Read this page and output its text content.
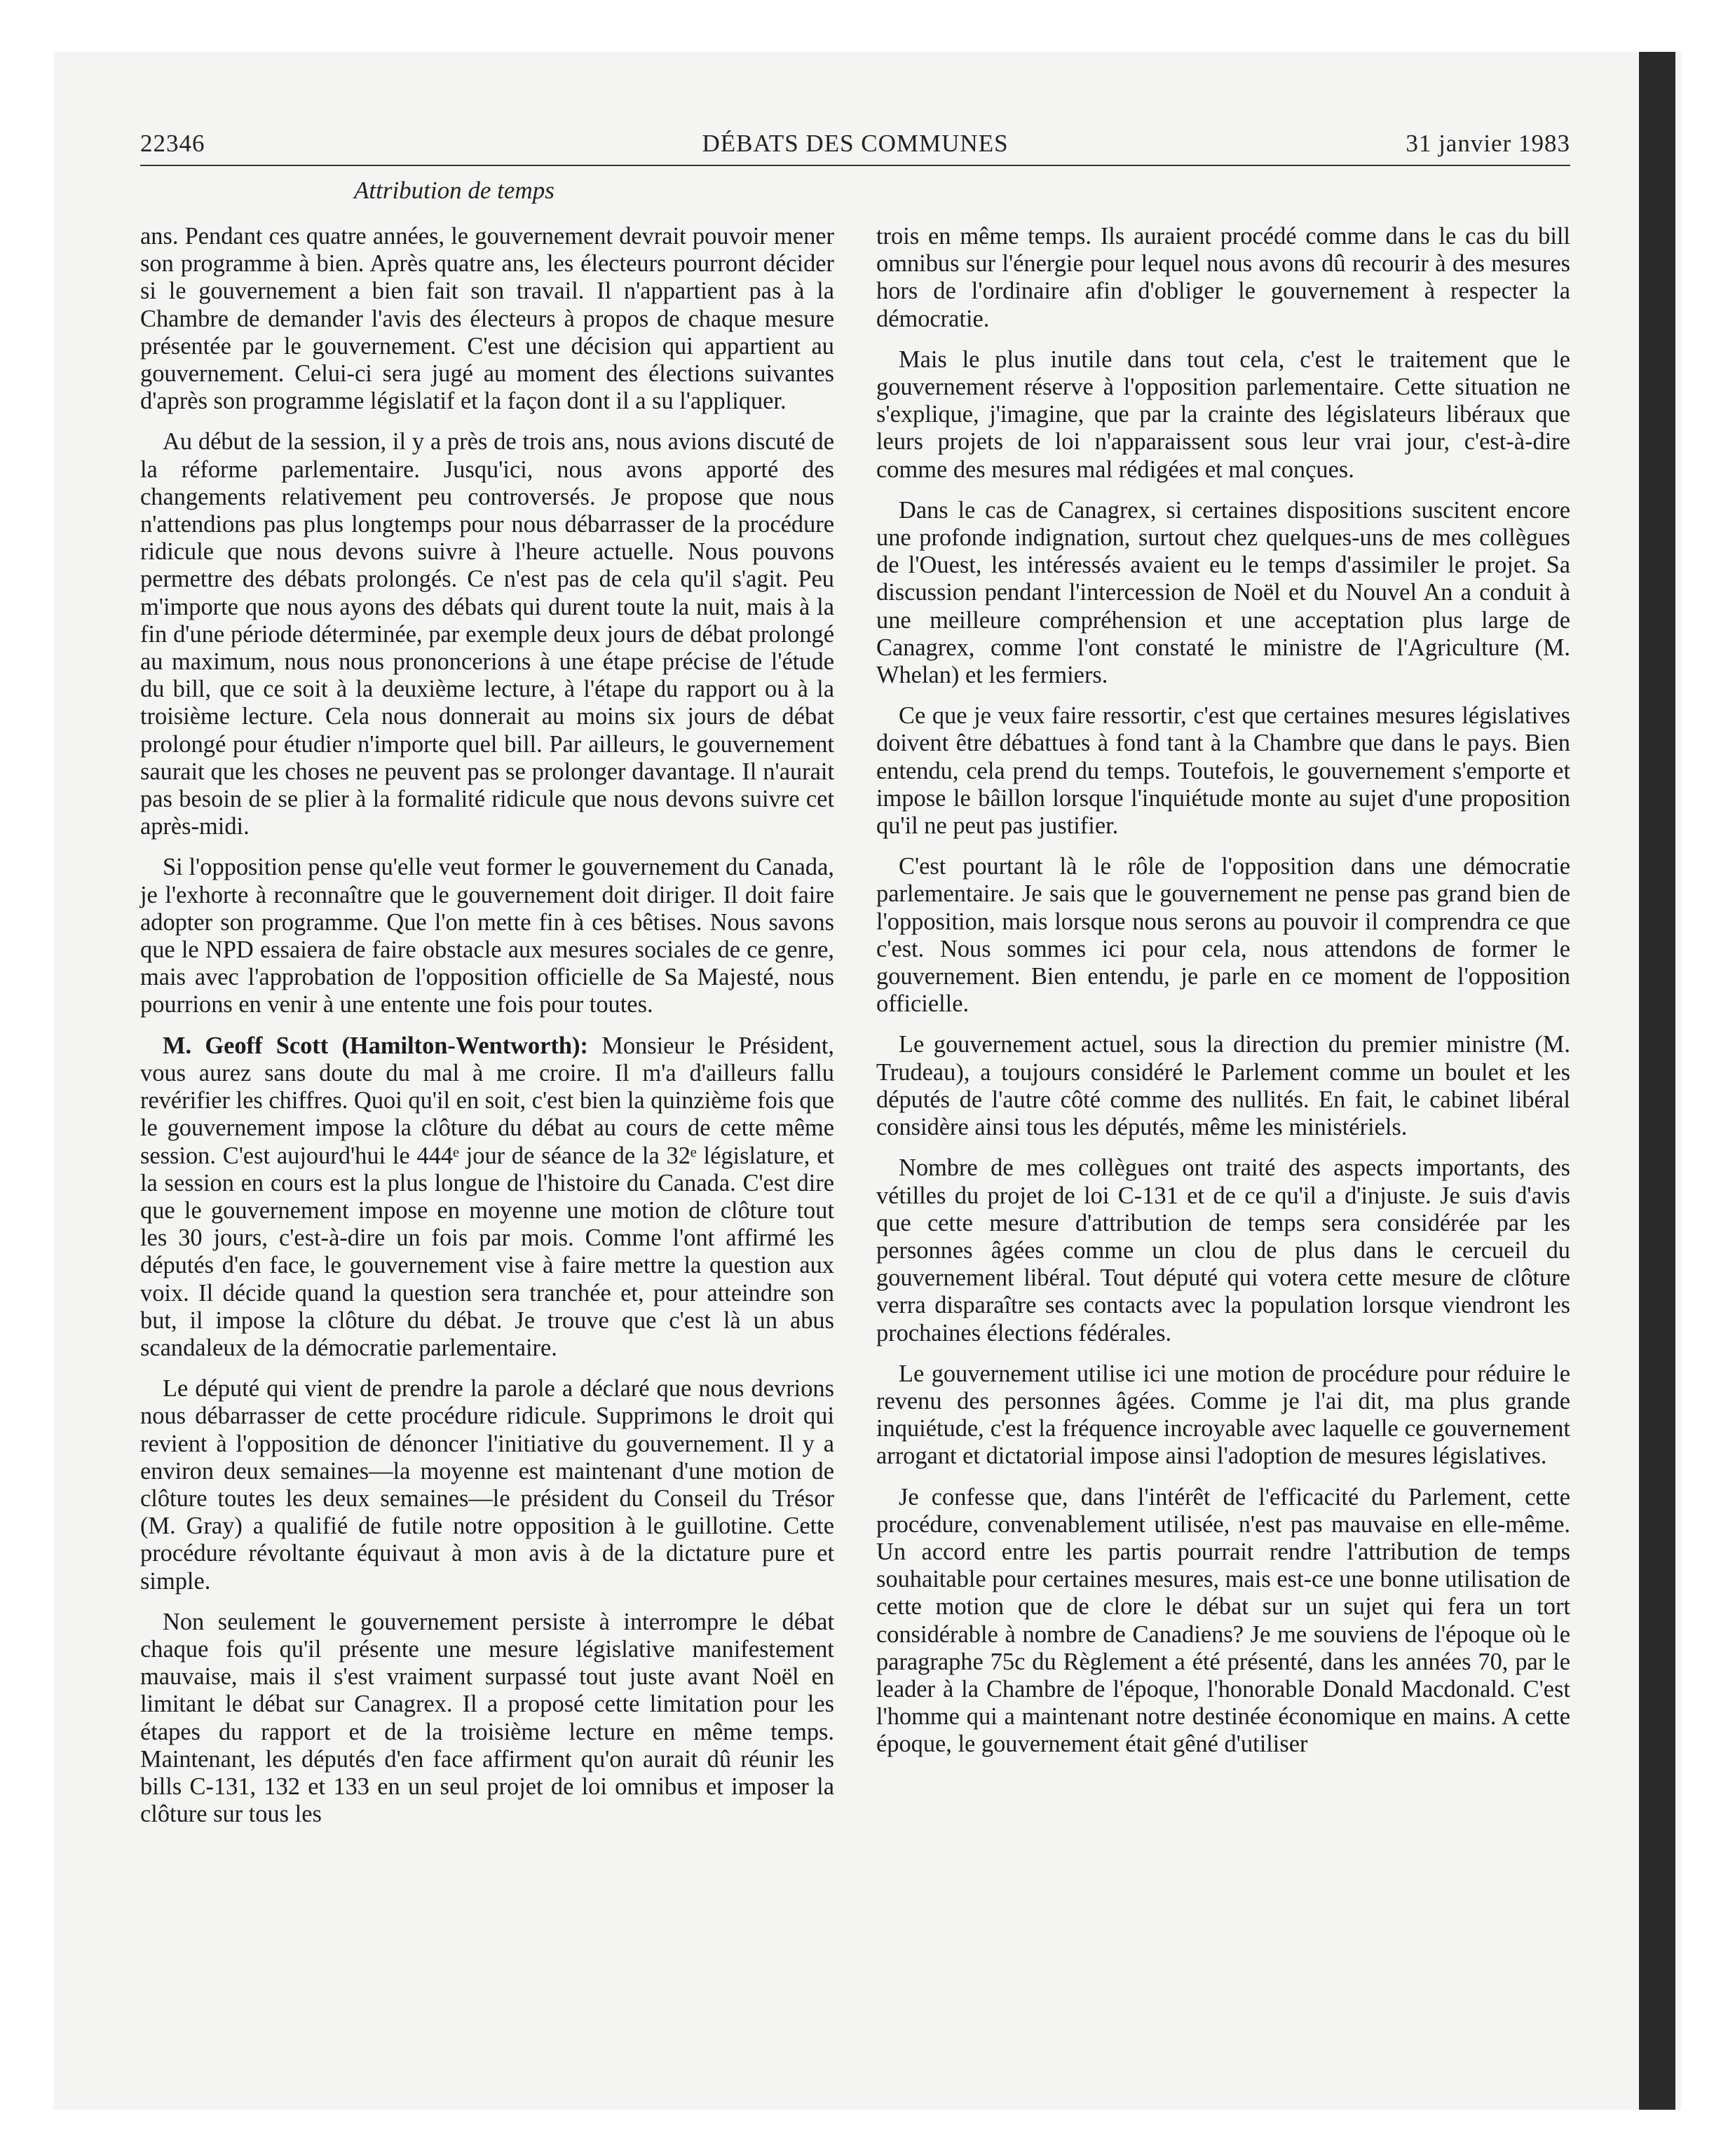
22346	DÉBATS DES COMMUNES	31 janvier 1983
Attribution de temps

ans. Pendant ces quatre années, le gouvernement devrait pouvoir mener son programme à bien. Après quatre ans, les électeurs pourront décider si le gouvernement a bien fait son travail. Il n'appartient pas à la Chambre de demander l'avis des électeurs à propos de chaque mesure présentée par le gouvernement. C'est une décision qui appartient au gouvernement. Celui-ci sera jugé au moment des élections suivantes d'après son programme législatif et la façon dont il a su l'appliquer.

Au début de la session, il y a près de trois ans, nous avions discuté de la réforme parlementaire. Jusqu'ici, nous avons apporté des changements relativement peu controversés. Je propose que nous n'attendions pas plus longtemps pour nous débarrasser de la procédure ridicule que nous devons suivre à l'heure actuelle. Nous pouvons permettre des débats prolongés. Ce n'est pas de cela qu'il s'agit. Peu m'importe que nous ayons des débats qui durent toute la nuit, mais à la fin d'une période déterminée, par exemple deux jours de débat prolongé au maximum, nous nous prononcerions à une étape précise de l'étude du bill, que ce soit à la deuxième lecture, à l'étape du rapport ou à la troisième lecture. Cela nous donnerait au moins six jours de débat prolongé pour étudier n'importe quel bill. Par ailleurs, le gouvernement saurait que les choses ne peuvent pas se prolonger davantage. Il n'aurait pas besoin de se plier à la formalité ridicule que nous devons suivre cet après-midi.

Si l'opposition pense qu'elle veut former le gouvernement du Canada, je l'exhorte à reconnaître que le gouvernement doit diriger. Il doit faire adopter son programme. Que l'on mette fin à ces bêtises. Nous savons que le NPD essaiera de faire obstacle aux mesures sociales de ce genre, mais avec l'approbation de l'opposition officielle de Sa Majesté, nous pourrions en venir à une entente une fois pour toutes.

M. Geoff Scott (Hamilton-Wentworth): Monsieur le Président, vous aurez sans doute du mal à me croire. Il m'a d'ailleurs fallu revérifier les chiffres. Quoi qu'il en soit, c'est bien la quinzième fois que le gouvernement impose la clôture du débat au cours de cette même session. C'est aujourd'hui le 444ᵉ jour de séance de la 32ᵉ législature, et la session en cours est la plus longue de l'histoire du Canada. C'est dire que le gouvernement impose en moyenne une motion de clôture tout les 30 jours, c'est-à-dire un fois par mois. Comme l'ont affirmé les députés d'en face, le gouvernement vise à faire mettre la question aux voix. Il décide quand la question sera tranchée et, pour atteindre son but, il impose la clôture du débat. Je trouve que c'est là un abus scandaleux de la démocratie parlementaire.

Le député qui vient de prendre la parole a déclaré que nous devrions nous débarrasser de cette procédure ridicule. Supprimons le droit qui revient à l'opposition de dénoncer l'initiative du gouvernement. Il y a environ deux semaines—la moyenne est maintenant d'une motion de clôture toutes les deux semaines—le président du Conseil du Trésor (M. Gray) a qualifié de futile notre opposition à le guillotine. Cette procédure révoltante équivaut à mon avis à de la dictature pure et simple.

Non seulement le gouvernement persiste à interrompre le débat chaque fois qu'il présente une mesure législative manifestement mauvaise, mais il s'est vraiment surpassé tout juste avant Noël en limitant le débat sur Canagrex. Il a proposé cette limitation pour les étapes du rapport et de la troisième lecture en même temps. Maintenant, les députés d'en face affirment qu'on aurait dû réunir les bills C-131, 132 et 133 en un seul projet de loi omnibus et imposer la clôture sur tous les

trois en même temps. Ils auraient procédé comme dans le cas du bill omnibus sur l'énergie pour lequel nous avons dû recourir à des mesures hors de l'ordinaire afin d'obliger le gouvernement à respecter la démocratie.

Mais le plus inutile dans tout cela, c'est le traitement que le gouvernement réserve à l'opposition parlementaire. Cette situation ne s'explique, j'imagine, que par la crainte des législateurs libéraux que leurs projets de loi n'apparaissent sous leur vrai jour, c'est-à-dire comme des mesures mal rédigées et mal conçues.

Dans le cas de Canagrex, si certaines dispositions suscitent encore une profonde indignation, surtout chez quelques-uns de mes collègues de l'Ouest, les intéressés avaient eu le temps d'assimiler le projet. Sa discussion pendant l'intercession de Noël et du Nouvel An a conduit à une meilleure compréhension et une acceptation plus large de Canagrex, comme l'ont constaté le ministre de l'Agriculture (M. Whelan) et les fermiers.

Ce que je veux faire ressortir, c'est que certaines mesures législatives doivent être débattues à fond tant à la Chambre que dans le pays. Bien entendu, cela prend du temps. Toutefois, le gouvernement s'emporte et impose le bâillon lorsque l'inquiétude monte au sujet d'une proposition qu'il ne peut pas justifier.

C'est pourtant là le rôle de l'opposition dans une démocratie parlementaire. Je sais que le gouvernement ne pense pas grand bien de l'opposition, mais lorsque nous serons au pouvoir il comprendra ce que c'est. Nous sommes ici pour cela, nous attendons de former le gouvernement. Bien entendu, je parle en ce moment de l'opposition officielle.

Le gouvernement actuel, sous la direction du premier ministre (M. Trudeau), a toujours considéré le Parlement comme un boulet et les députés de l'autre côté comme des nullités. En fait, le cabinet libéral considère ainsi tous les députés, même les ministériels.

Nombre de mes collègues ont traité des aspects importants, des vétilles du projet de loi C-131 et de ce qu'il a d'injuste. Je suis d'avis que cette mesure d'attribution de temps sera considérée par les personnes âgées comme un clou de plus dans le cercueil du gouvernement libéral. Tout député qui votera cette mesure de clôture verra disparaître ses contacts avec la population lorsque viendront les prochaines élections fédérales.

Le gouvernement utilise ici une motion de procédure pour réduire le revenu des personnes âgées. Comme je l'ai dit, ma plus grande inquiétude, c'est la fréquence incroyable avec laquelle ce gouvernement arrogant et dictatorial impose ainsi l'adoption de mesures législatives.

Je confesse que, dans l'intérêt de l'efficacité du Parlement, cette procédure, convenablement utilisée, n'est pas mauvaise en elle-même. Un accord entre les partis pourrait rendre l'attribution de temps souhaitable pour certaines mesures, mais est-ce une bonne utilisation de cette motion que de clore le débat sur un sujet qui fera un tort considérable à nombre de Canadiens? Je me souviens de l'époque où le paragraphe 75c du Règlement a été présenté, dans les années 70, par le leader à la Chambre de l'époque, l'honorable Donald Macdonald. C'est l'homme qui a maintenant notre destinée économique en mains. A cette époque, le gouvernement était gêné d'utiliser
